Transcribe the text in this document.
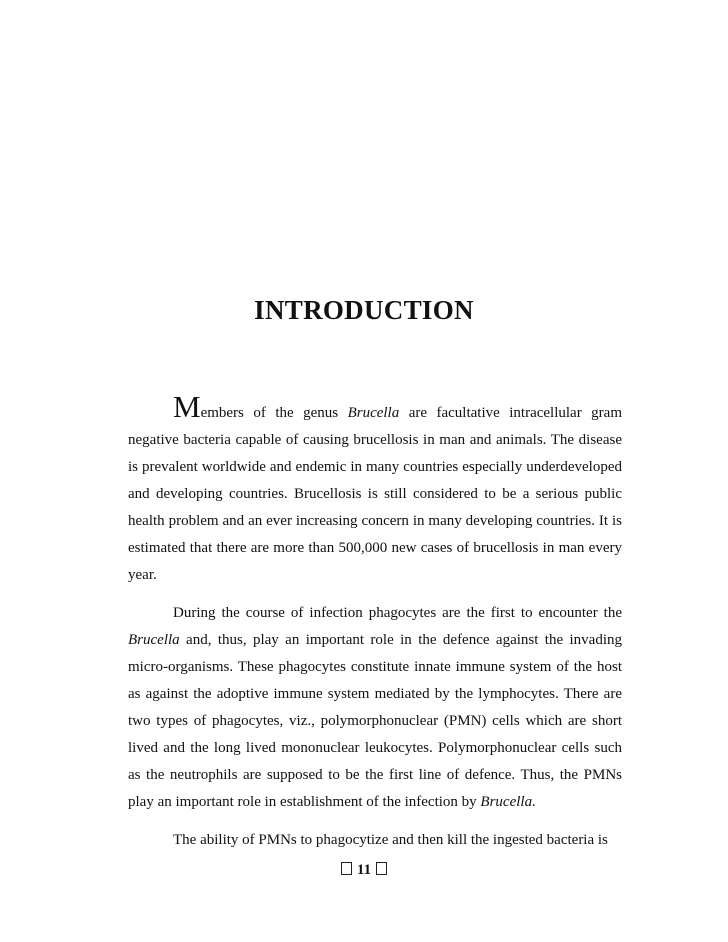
INTRODUCTION

Members of the genus Brucella are facultative intracellular gram negative bacteria capable of causing brucellosis in man and animals. The disease is prevalent worldwide and endemic in many countries especially underdeveloped and developing countries. Brucellosis is still considered to be a serious public health problem and an ever increasing concern in many developing countries. It is estimated that there are more than 500,000 new cases of brucellosis in man every year.

During the course of infection phagocytes are the first to encounter the Brucella and, thus, play an important role in the defence against the invading micro-organisms. These phagocytes constitute innate immune system of the host as against the adoptive immune system mediated by the lymphocytes. There are two types of phagocytes, viz., polymorphonuclear (PMN) cells which are short lived and the long lived mononuclear leukocytes. Polymorphonuclear cells such as the neutrophils are supposed to be the first line of defence. Thus, the PMNs play an important role in establishment of the infection by Brucella.

The ability of PMNs to phagocytize and then kill the ingested bacteria is

11
